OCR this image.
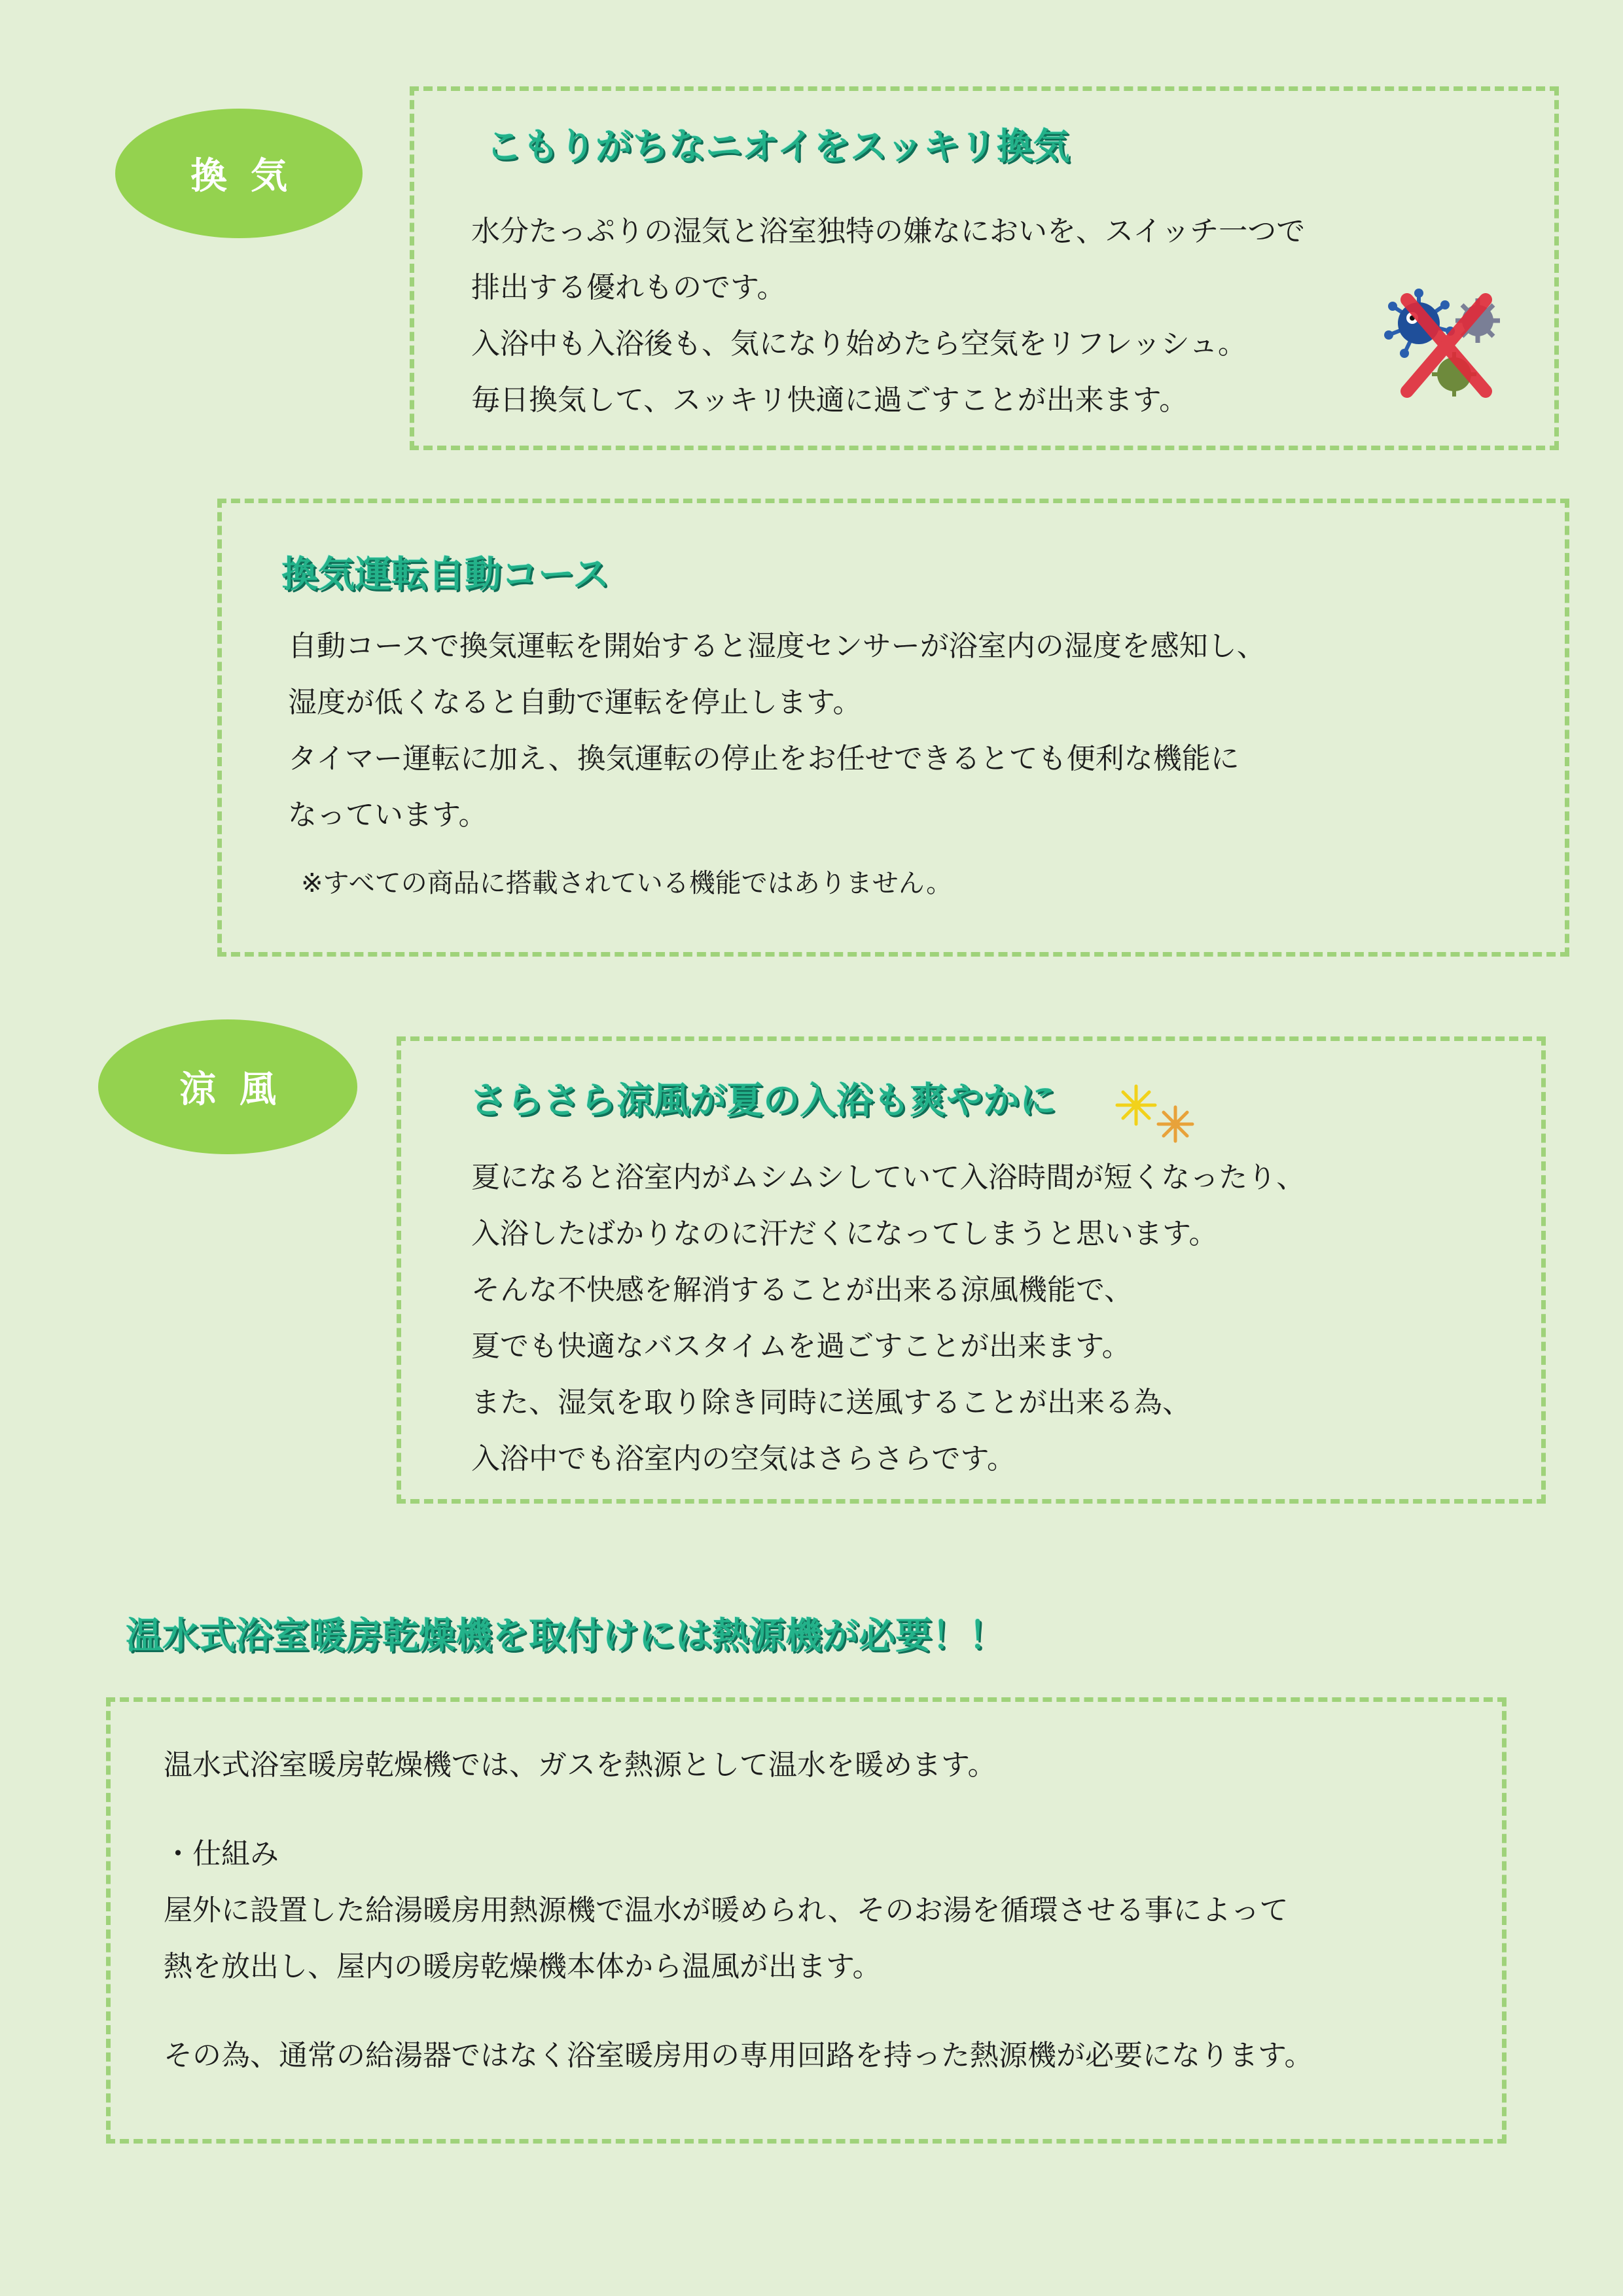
換気
こもりがちなニオイをスッキリ換気
水分たっぷりの湿気と浴室独特の嫌なにおいを、スイッチ一つで
排出する優れものです。
入浴中も入浴後も、気になり始めたら空気をリフレッシュ。
毎日換気して、スッキリ快適に過ごすことが出来ます。
換気運転自動コース
自動コースで換気運転を開始すると湿度センサーが浴室内の湿度を感知し、
湿度が低くなると自動で運転を停止します。
タイマー運転に加え、換気運転の停止をお任せできるとても便利な機能に
なっています。
※すべての商品に搭載されている機能ではありません。
涼風	さらさら涼風が夏の入浴も爽やかに
夏になると浴室内がムシムシしていて入浴時間が短くなったり、
入浴したばかりなのに汗だくになってしまうと思います。
そんな不快感を解消することが出来る涼風機能で、
夏でも快適なバスタイムを過ごすことが出来ます。
また、湿気を取り除き同時に送風することが出来る為、
入浴中でも浴室内の空気はさらさらです。
温水式浴室暖房乾燥機を取付けには熱源機が必要！！
温水式浴室暖房乾燥機では、ガスを熱源として温水を暖めます。
・仕組み
屋外に設置した給湯暖房用熱源機で温水が暖められ、そのお湯を循環させる事によって
熱を放出し、屋内の暖房乾燥機本体から温風が出ます。
その為、通常の給湯器ではなく浴室暖房用の専用回路を持った熱源機が必要になります。
